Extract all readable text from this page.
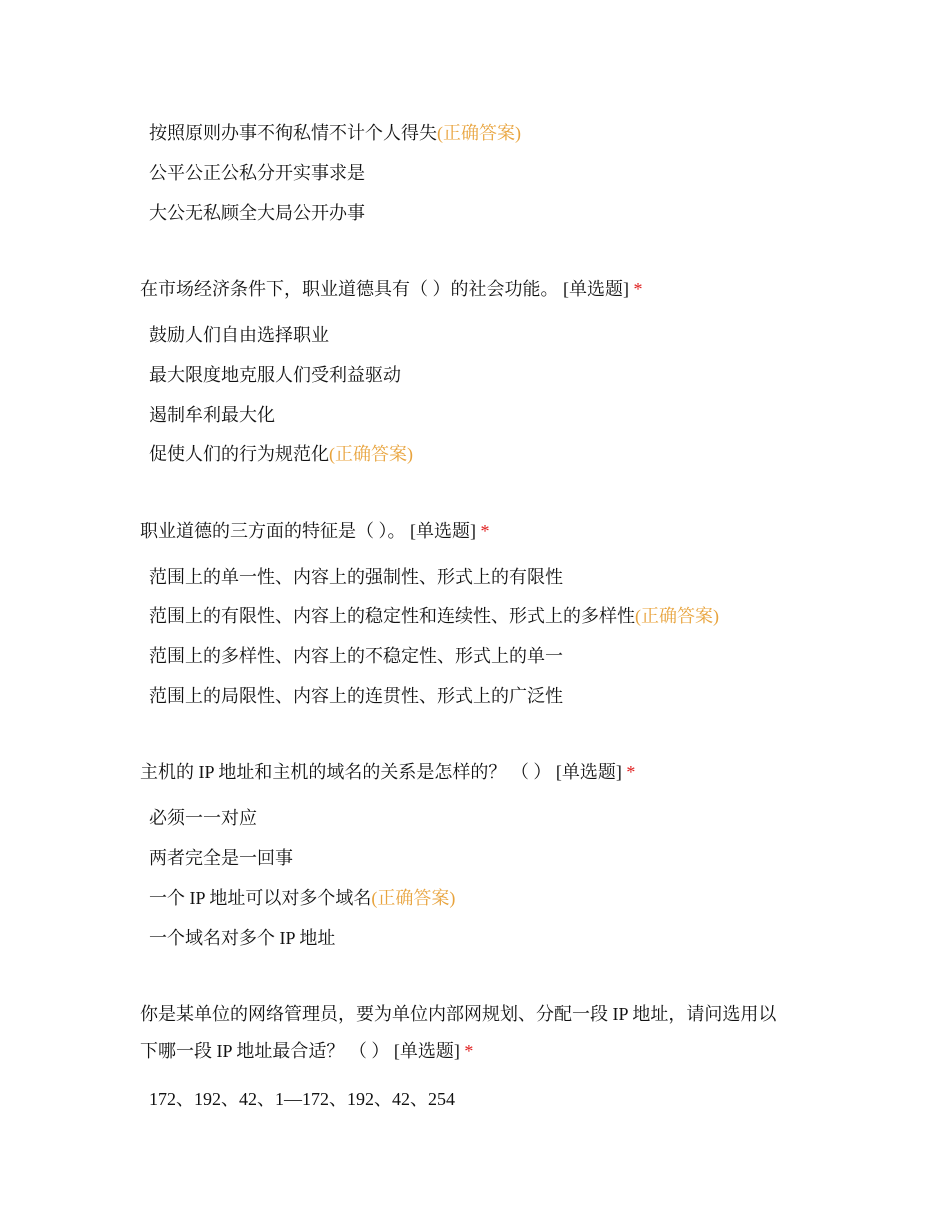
按照原则办事不徇私情不计个人得失(正确答案)
公平公正公私分开实事求是
大公无私顾全大局公开办事
在市场经济条件下，职业道德具有（ ）的社会功能。 [单选题] *
鼓励人们自由选择职业
最大限度地克服人们受利益驱动
遏制牟利最大化
促使人们的行为规范化(正确答案)
职业道德的三方面的特征是（ ）。 [单选题] *
范围上的单一性、内容上的强制性、形式上的有限性
范围上的有限性、内容上的稳定性和连续性、形式上的多样性(正确答案)
范围上的多样性、内容上的不稳定性、形式上的单一
范围上的局限性、内容上的连贯性、形式上的广泛性
主机的 IP 地址和主机的域名的关系是怎样的？ （ ） [单选题] *
必须一一对应
两者完全是一回事
一个 IP 地址可以对多个域名(正确答案)
一个域名对多个 IP 地址
你是某单位的网络管理员，要为单位内部网规划、分配一段 IP 地址，请问选用以
下哪一段 IP 地址最合适？ （ ） [单选题] *
172、192、42、1—172、192、42、254
